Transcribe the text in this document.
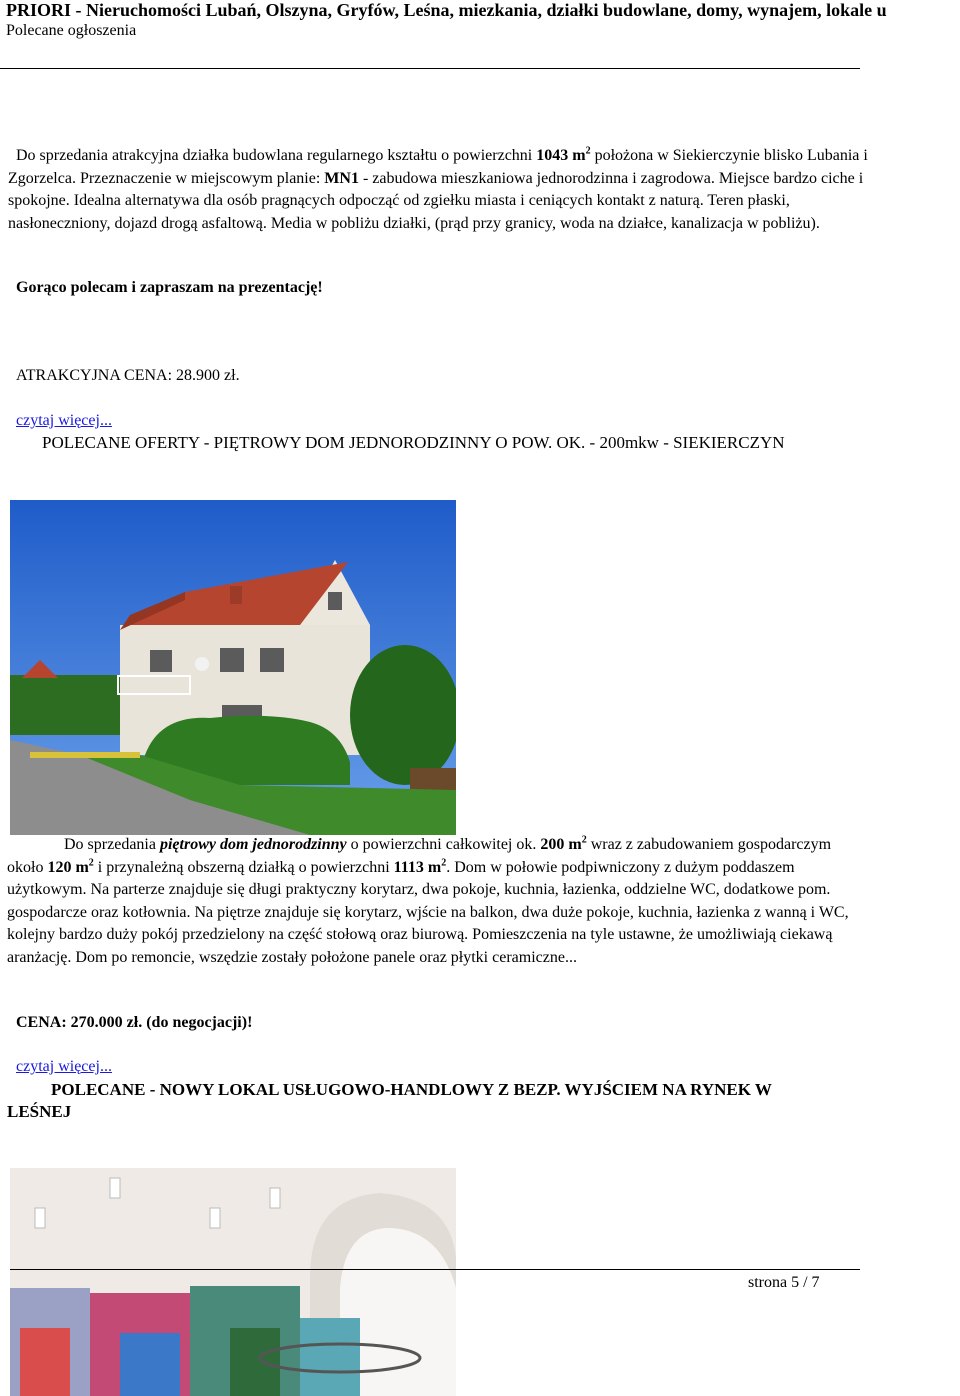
PRIORI - Nieruchomości Lubań, Olszyna, Gryfów, Leśna, miezkania, działki budowlane, domy, wynajem, lokale u
Polecane ogłoszenia
Do sprzedania atrakcyjna działka budowlana regularnego kształtu o powierzchni 1043 $m^2$ położona w Siekierczynie blisko Lubania i Zgorzelca. Przeznaczenie w miejscowym planie: MN1 - zabudowa mieszkaniowa jednorodzinna i zagrodowa. Miejsce bardzo ciche i spokojne. Idealna alternatywa dla osób pragnących odpocząć od zgiełku miasta i ceniących kontakt z naturą. Teren płaski, nasłoneczniony, dojazd drogą asfaltową. Media w pobliżu działki, (prąd przy granicy, woda na działce, kanalizacja w pobliżu).
Gorąco polecam i zapraszam na prezentację!
ATRAKCYJNA CENA: 28.900 zł.
czytaj więcej...
POLECANE OFERTY - PIĘTROWY DOM JEDNORODZINNY O POW. OK. - 200mkw - SIEKIERCZYN
Do sprzedania piętrowy dom jednorodzinny o powierzchni całkowitej ok. 200 $m^2$ wraz z zabudowaniem gospodarczym około 120 $m^2$ i przynależną obszerną działką o powierzchni 1113 $m^2$. Dom w połowie podpiwniczony z dużym poddaszem użytkowym. Na parterze znajduje się długi praktyczny korytarz, dwa pokoje, kuchnia, łazienka, oddzielne WC, dodatkowe pom. gospodarcze oraz kotłownia. Na piętrze znajduje się korytarz, wjście na balkon, dwa duże pokoje, kuchnia, łazienka z wanną i WC, kolejny bardzo duży pokój przedzielony na część stołową oraz biurową. Pomieszczenia na tyle ustawne, że umożliwiają ciekawą aranżację. Dom po remoncie, wszędzie zostały położone panele oraz płytki ceramiczne...
CENA: 270.000 zł. (do negocjacji)!
czytaj więcej...
POLECANE - NOWY LOKAL USŁUGOWO-HANDLOWY Z BEZP. WYJŚCIEM NA RYNEK W
LEŚNEJ
strona 5 / 7
